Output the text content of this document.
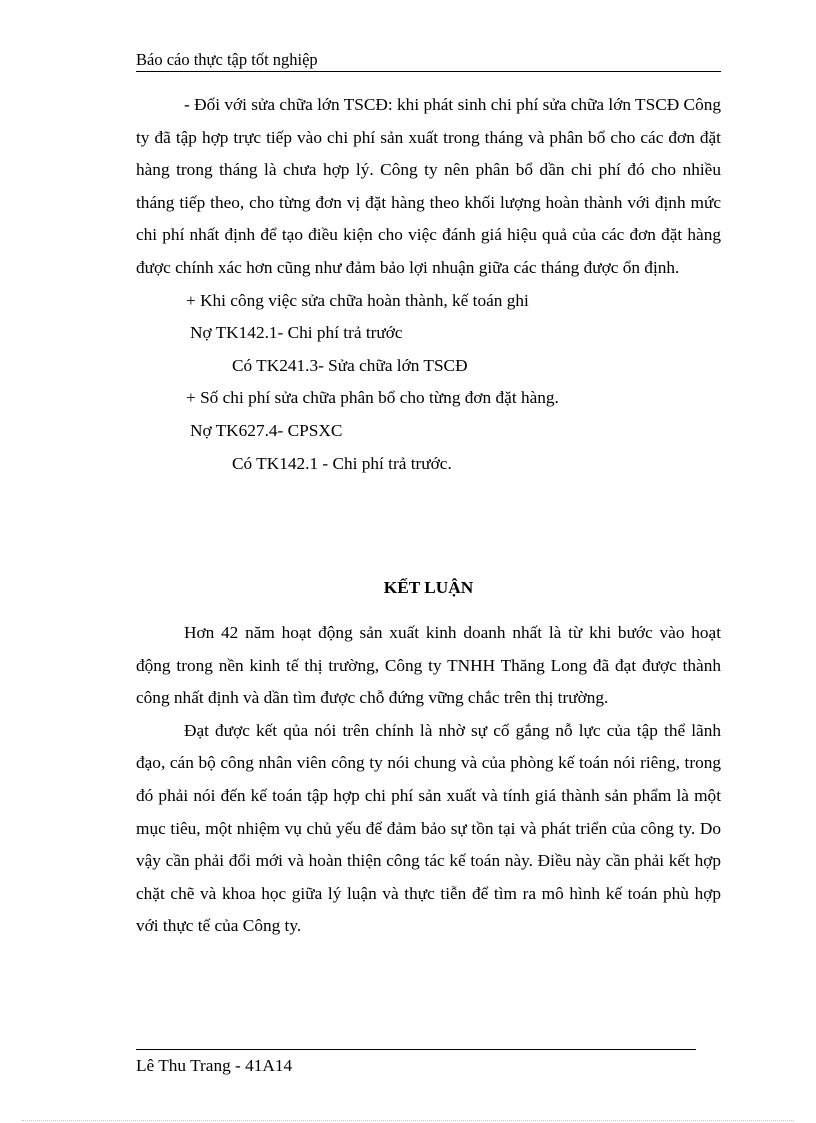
Báo cáo thực tập tốt nghiệp

- Đối với sửa chữa lớn TSCĐ: khi phát sinh chi phí sửa chữa lớn TSCĐ Công ty đã tập hợp trực tiếp vào chi phí sản xuất trong tháng và phân bổ cho các đơn đặt hàng trong tháng là chưa hợp lý. Công ty nên phân bổ dần chi phí đó cho nhiều tháng tiếp theo, cho từng đơn vị đặt hàng theo khối lượng hoàn thành với định mức chi phí nhất định để tạo điều kiện cho việc đánh giá hiệu quả của các đơn đặt hàng được chính xác hơn cũng như đảm bảo lợi nhuận giữa các tháng được ổn định.

+ Khi công việc sửa chữa hoàn thành, kế toán ghi

Nợ TK142.1- Chi phí trả trước

Có TK241.3- Sửa chữa lớn TSCĐ

+ Số chi phí sửa chữa phân bổ cho từng đơn đặt hàng.

Nợ TK627.4- CPSXC

Có TK142.1 - Chi phí trả trước.

KẾT LUẬN

Hơn 42 năm hoạt động sản xuất kinh doanh nhất là từ khi bước vào hoạt động trong nền kinh tế thị trường, Công ty TNHH Thăng Long đã đạt được thành công nhất định và dần tìm được chỗ đứng vững chắc trên thị trường.

Đạt được kết qủa nói trên chính là nhờ sự cố gắng nỗ lực của tập thể lãnh đạo, cán bộ công nhân viên công ty nói chung và của phòng kế toán nói riêng, trong đó phải nói đến kế toán tập hợp chi phí sản xuất và tính giá thành sản phẩm là một mục tiêu, một nhiệm vụ chủ yếu để đảm bảo sự tồn tại và phát triển của công ty. Do vậy cần phải đổi mới và hoàn thiện công tác kế toán này. Điều này cần phải kết hợp chặt chẽ và khoa học giữa lý luận và thực tiễn để tìm ra mô hình kế toán phù hợp với thực tế của Công ty.

Lê Thu Trang - 41A14
